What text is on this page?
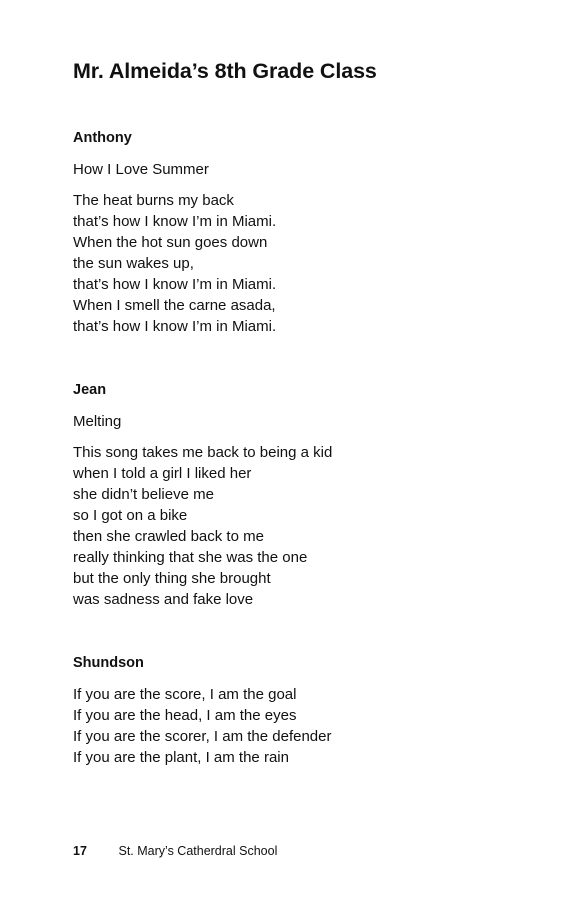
Mr. Almeida’s 8th Grade Class
Anthony
How I Love Summer
The heat burns my back
that’s how I know I’m in Miami.
When the hot sun goes down
the sun wakes up,
that’s how I know I’m in Miami.
When I smell the carne asada,
that’s how I know I’m in Miami.
Jean
Melting
This song takes me back to being a kid
when I told a girl I liked her
she didn’t believe me
so I got on a bike
then she crawled back to me
really thinking that she was the one
but the only thing she brought
was sadness and fake love
Shundson
If you are the score, I am the goal
If you are the head, I am the eyes
If you are the scorer, I am the defender
If you are the plant, I am the rain
17	St. Mary’s Catherdral School
